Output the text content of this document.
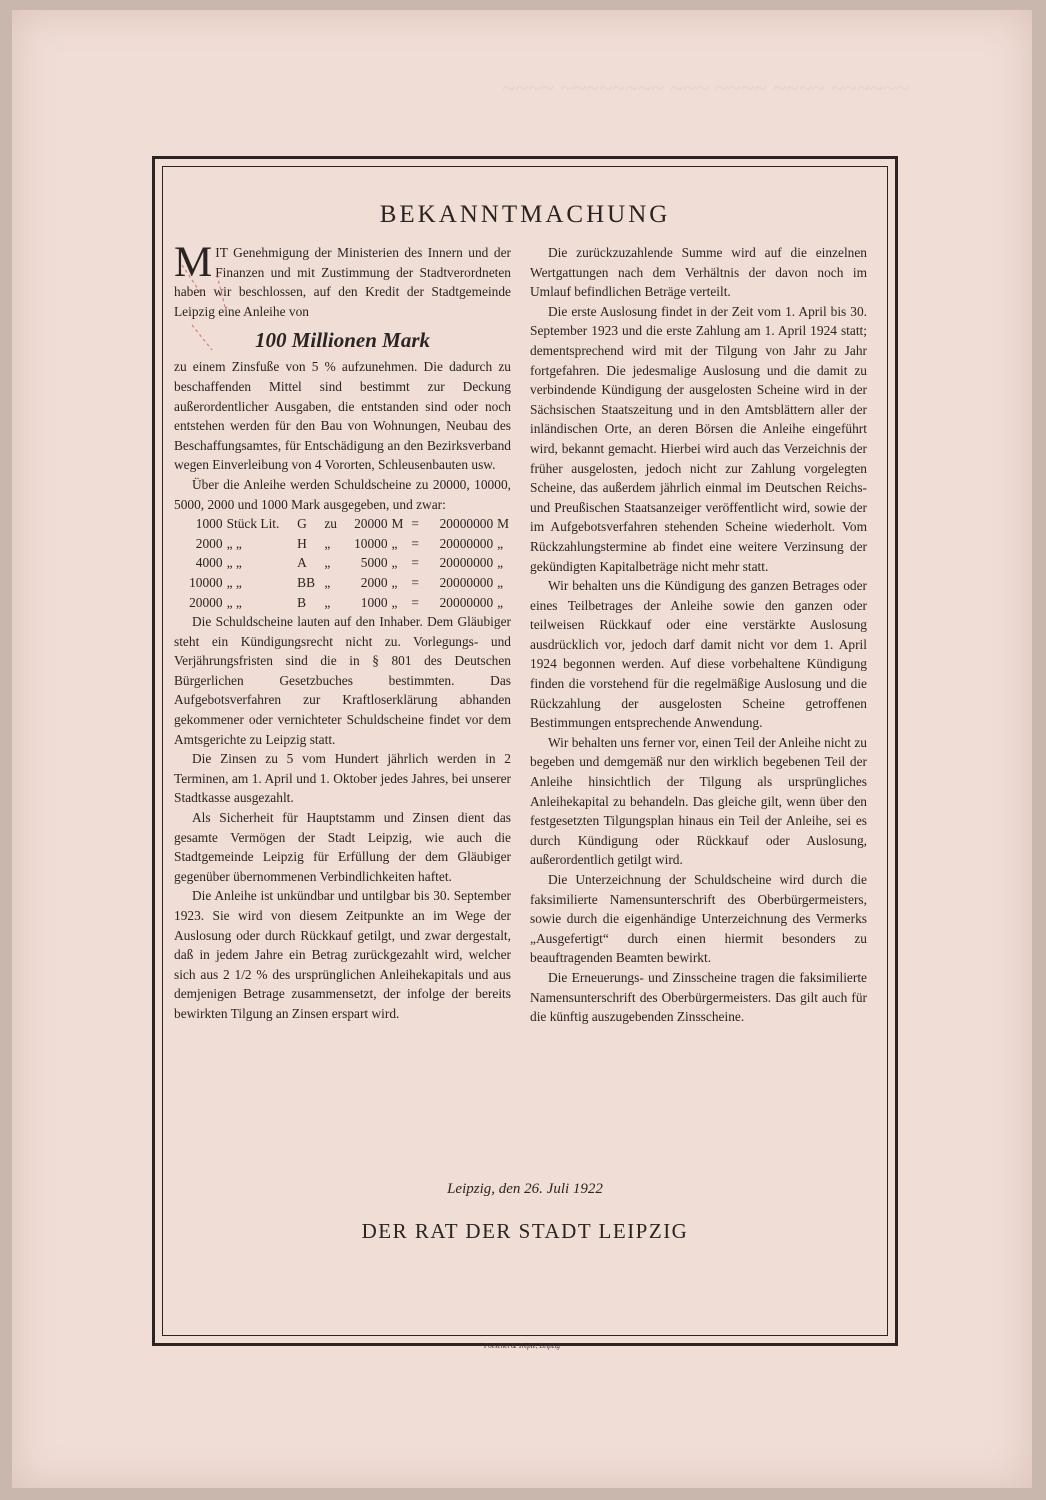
~~~~ ~~~~~~~~ ~~~ ~~~~ ~~~~ ~~~~~~
BEKANNTMACHUNG

MIT Genehmigung der Ministerien des Innern und der Finanzen und mit Zustimmung der Stadtverordneten haben wir beschlossen, auf den Kredit der Stadtgemeinde Leipzig eine Anleihe von

100 Millionen Mark

zu einem Zinsfuße von 5 % aufzunehmen. Die dadurch zu beschaffenden Mittel sind bestimmt zur Deckung außerordentlicher Ausgaben, die entstanden sind oder noch entstehen werden für den Bau von Wohnungen, Neubau des Beschaffungsamtes, für Entschädigung an den Bezirksverband wegen Einverleibung von 4 Vororten, Schleusenbauten usw.

Über die Anleihe werden Schuldscheine zu 20000, 10000, 5000, 2000 und 1000 Mark ausgegeben, und zwar:

1000	Stück Lit.	G	zu	20000	M	=	20000000	M
2000	„ „	H	„	10000	„	=	20000000	„
4000	„ „	A	„	5000	„	=	20000000	„
10000	„ „	BB	„	2000	„	=	20000000	„
20000	„ „	B	„	1000	„	=	20000000	„

Die Schuldscheine lauten auf den Inhaber. Dem Gläubiger steht ein Kündigungsrecht nicht zu. Vorlegungs- und Verjährungsfristen sind die in § 801 des Deutschen Bürgerlichen Gesetzbuches bestimmten. Das Aufgebotsverfahren zur Kraftloserklärung abhanden gekommener oder vernichteter Schuldscheine findet vor dem Amtsgerichte zu Leipzig statt.

Die Zinsen zu 5 vom Hundert jährlich werden in 2 Terminen, am 1. April und 1. Oktober jedes Jahres, bei unserer Stadtkasse ausgezahlt.

Als Sicherheit für Hauptstamm und Zinsen dient das gesamte Vermögen der Stadt Leipzig, wie auch die Stadtgemeinde Leipzig für Erfüllung der dem Gläubiger gegenüber übernommenen Verbindlichkeiten haftet.

Die Anleihe ist unkündbar und untilgbar bis 30. September 1923. Sie wird von diesem Zeitpunkte an im Wege der Auslosung oder durch Rückkauf getilgt, und zwar dergestalt, daß in jedem Jahre ein Betrag zurückgezahlt wird, welcher sich aus 2 1/2 % des ursprünglichen Anleihekapitals und aus demjenigen Betrage zusammensetzt, der infolge der bereits bewirkten Tilgung an Zinsen erspart wird.

Die zurückzuzahlende Summe wird auf die einzelnen Wertgattungen nach dem Verhältnis der davon noch im Umlauf befindlichen Beträge verteilt.

Die erste Auslosung findet in der Zeit vom 1. April bis 30. September 1923 und die erste Zahlung am 1. April 1924 statt; dementsprechend wird mit der Tilgung von Jahr zu Jahr fortgefahren. Die jedesmalige Auslosung und die damit zu verbindende Kündigung der ausgelosten Scheine wird in der Sächsischen Staatszeitung und in den Amtsblättern aller der inländischen Orte, an deren Börsen die Anleihe eingeführt wird, bekannt gemacht. Hierbei wird auch das Verzeichnis der früher ausgelosten, jedoch nicht zur Zahlung vorgelegten Scheine, das außerdem jährlich einmal im Deutschen Reichs- und Preußischen Staatsanzeiger veröffentlicht wird, sowie der im Aufgebotsverfahren stehenden Scheine wiederholt. Vom Rückzahlungstermine ab findet eine weitere Verzinsung der gekündigten Kapitalbeträge nicht mehr statt.

Wir behalten uns die Kündigung des ganzen Betrages oder eines Teilbetrages der Anleihe sowie den ganzen oder teilweisen Rückkauf oder eine verstärkte Auslosung ausdrücklich vor, jedoch darf damit nicht vor dem 1. April 1924 begonnen werden. Auf diese vorbehaltene Kündigung finden die vorstehend für die regelmäßige Auslosung und die Rückzahlung der ausgelosten Scheine getroffenen Bestimmungen entsprechende Anwendung.

Wir behalten uns ferner vor, einen Teil der Anleihe nicht zu begeben und demgemäß nur den wirklich begebenen Teil der Anleihe hinsichtlich der Tilgung als ursprüngliches Anleihekapital zu behandeln. Das gleiche gilt, wenn über den festgesetzten Tilgungsplan hinaus ein Teil der Anleihe, sei es durch Kündigung oder Rückkauf oder Auslosung, außerordentlich getilgt wird.

Die Unterzeichnung der Schuldscheine wird durch die faksimilierte Namensunterschrift des Oberbürgermeisters, sowie durch die eigenhändige Unterzeichnung des Vermerks „Ausgefertigt“ durch einen hiermit besonders zu beauftragenden Beamten bewirkt.

Die Erneuerungs- und Zinsscheine tragen die faksimilierte Namensunterschrift des Oberbürgermeisters. Das gilt auch für die künftig auszugebenden Zinsscheine.

Leipzig, den 26. Juli 1922
DER RAT DER STADT LEIPZIG
Poeschel & Trepte, Leipzig
